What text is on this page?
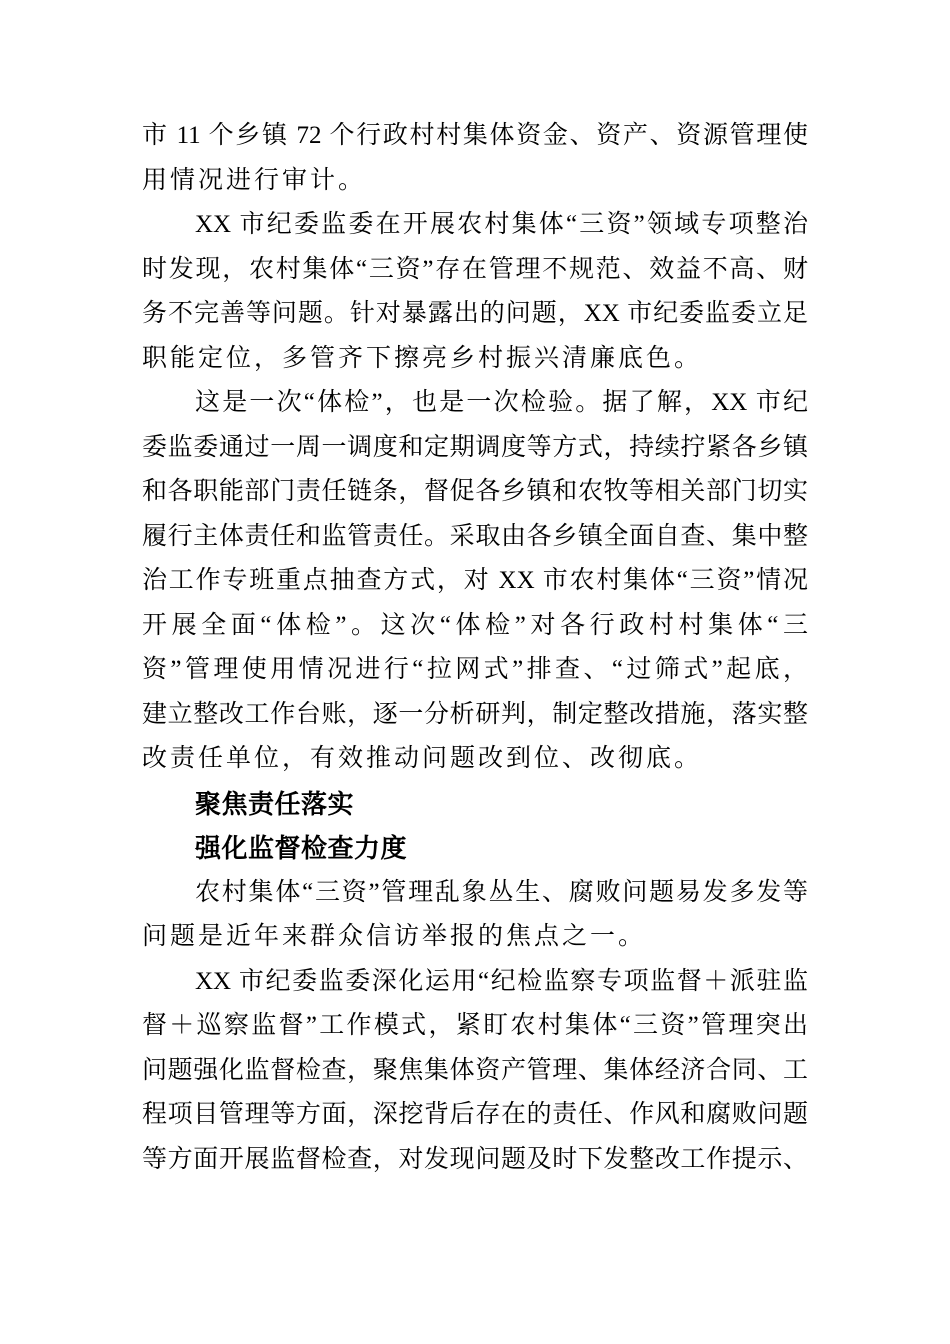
市 11 个乡镇 72 个行政村村集体资金、资产、资源管理使
用情况进行审计。
XX 市纪委监委在开展农村集体“三资”领域专项整治
时发现，农村集体“三资”存在管理不规范、效益不高、财
务不完善等问题。针对暴露出的问题，XX 市纪委监委立足
职能定位，多管齐下擦亮乡村振兴清廉底色。
这是一次“体检”，也是一次检验。据了解，XX 市纪
委监委通过一周一调度和定期调度等方式，持续拧紧各乡镇
和各职能部门责任链条，督促各乡镇和农牧等相关部门切实
履行主体责任和监管责任。采取由各乡镇全面自查、集中整
治工作专班重点抽查方式，对 XX 市农村集体“三资”情况
开展全面“体检”。这次“体检”对各行政村村集体“三
资”管理使用情况进行“拉网式”排查、“过筛式”起底，
建立整改工作台账，逐一分析研判，制定整改措施，落实整
改责任单位，有效推动问题改到位、改彻底。
聚焦责任落实
强化监督检查力度
农村集体“三资”管理乱象丛生、腐败问题易发多发等
问题是近年来群众信访举报的焦点之一。
XX 市纪委监委深化运用“纪检监察专项监督＋派驻监
督＋巡察监督”工作模式，紧盯农村集体“三资”管理突出
问题强化监督检查，聚焦集体资产管理、集体经济合同、工
程项目管理等方面，深挖背后存在的责任、作风和腐败问题
等方面开展监督检查，对发现问题及时下发整改工作提示、
